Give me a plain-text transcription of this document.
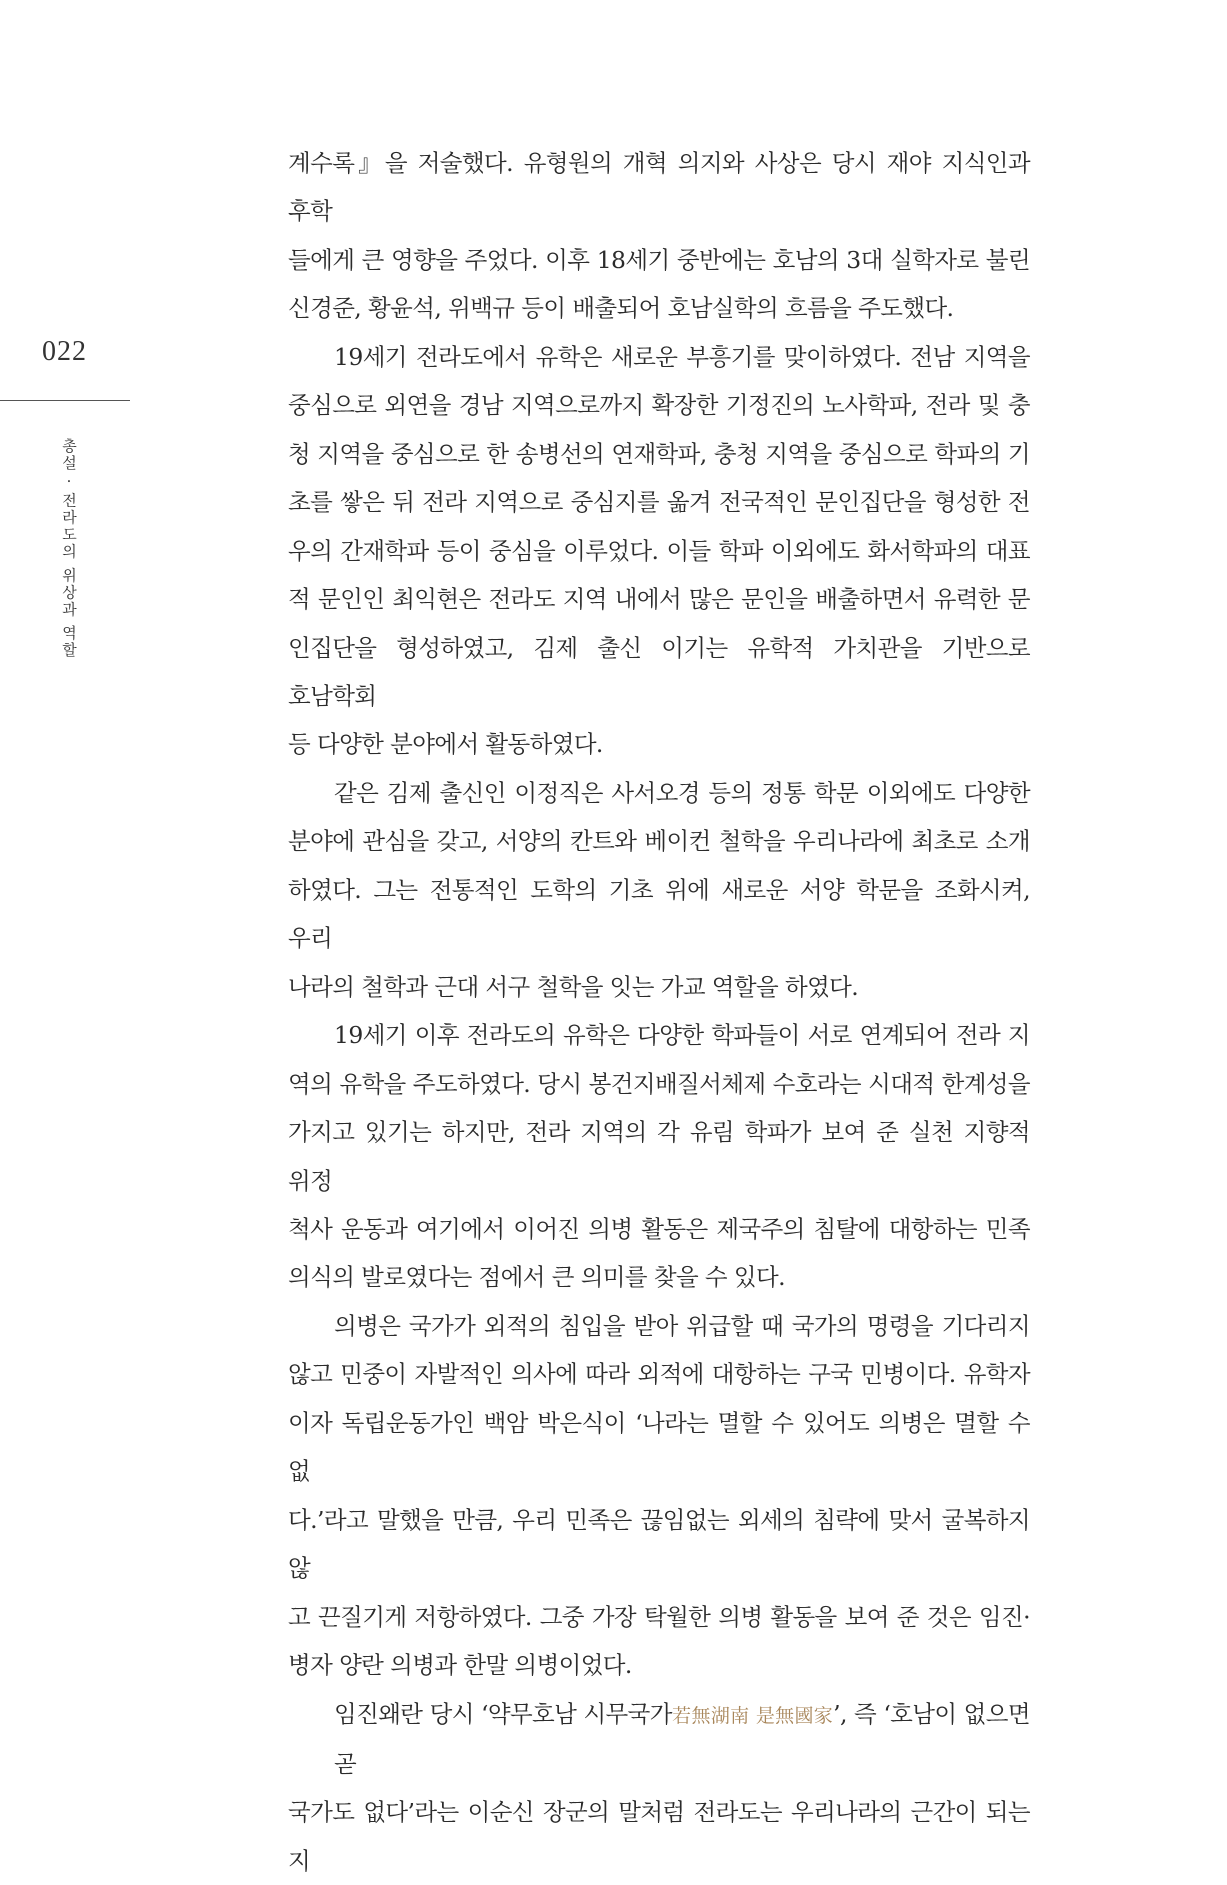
022
총설 · 전라도의 위상과 역할
계수록』을 저술했다. 유형원의 개혁 의지와 사상은 당시 재야 지식인과 후학
들에게 큰 영향을 주었다. 이후 18세기 중반에는 호남의 3대 실학자로 불린
신경준, 황윤석, 위백규 등이 배출되어 호남실학의 흐름을 주도했다.
19세기 전라도에서 유학은 새로운 부흥기를 맞이하였다. 전남 지역을
중심으로 외연을 경남 지역으로까지 확장한 기정진의 노사학파, 전라 및 충
청 지역을 중심으로 한 송병선의 연재학파, 충청 지역을 중심으로 학파의 기
초를 쌓은 뒤 전라 지역으로 중심지를 옮겨 전국적인 문인집단을 형성한 전
우의 간재학파 등이 중심을 이루었다. 이들 학파 이외에도 화서학파의 대표
적 문인인 최익현은 전라도 지역 내에서 많은 문인을 배출하면서 유력한 문
인집단을 형성하였고, 김제 출신 이기는 유학적 가치관을 기반으로 호남학회
등 다양한 분야에서 활동하였다.
같은 김제 출신인 이정직은 사서오경 등의 정통 학문 이외에도 다양한
분야에 관심을 갖고, 서양의 칸트와 베이컨 철학을 우리나라에 최초로 소개
하였다. 그는 전통적인 도학의 기초 위에 새로운 서양 학문을 조화시켜, 우리
나라의 철학과 근대 서구 철학을 잇는 가교 역할을 하였다.
19세기 이후 전라도의 유학은 다양한 학파들이 서로 연계되어 전라 지
역의 유학을 주도하였다. 당시 봉건지배질서체제 수호라는 시대적 한계성을
가지고 있기는 하지만, 전라 지역의 각 유림 학파가 보여 준 실천 지향적 위정
척사 운동과 여기에서 이어진 의병 활동은 제국주의 침탈에 대항하는 민족
의식의 발로였다는 점에서 큰 의미를 찾을 수 있다.
의병은 국가가 외적의 침입을 받아 위급할 때 국가의 명령을 기다리지
않고 민중이 자발적인 의사에 따라 외적에 대항하는 구국 민병이다. 유학자
이자 독립운동가인 백암 박은식이 ‘나라는 멸할 수 있어도 의병은 멸할 수 없
다.’라고 말했을 만큼, 우리 민족은 끊임없는 외세의 침략에 맞서 굴복하지 않
고 끈질기게 저항하였다. 그중 가장 탁월한 의병 활동을 보여 준 것은 임진·
병자 양란 의병과 한말 의병이었다.
임진왜란 당시 ‘약무호남 시무국가若無湖南 是無國家’, 즉 ‘호남이 없으면 곧
국가도 없다’라는 이순신 장군의 말처럼 전라도는 우리나라의 근간이 되는 지
